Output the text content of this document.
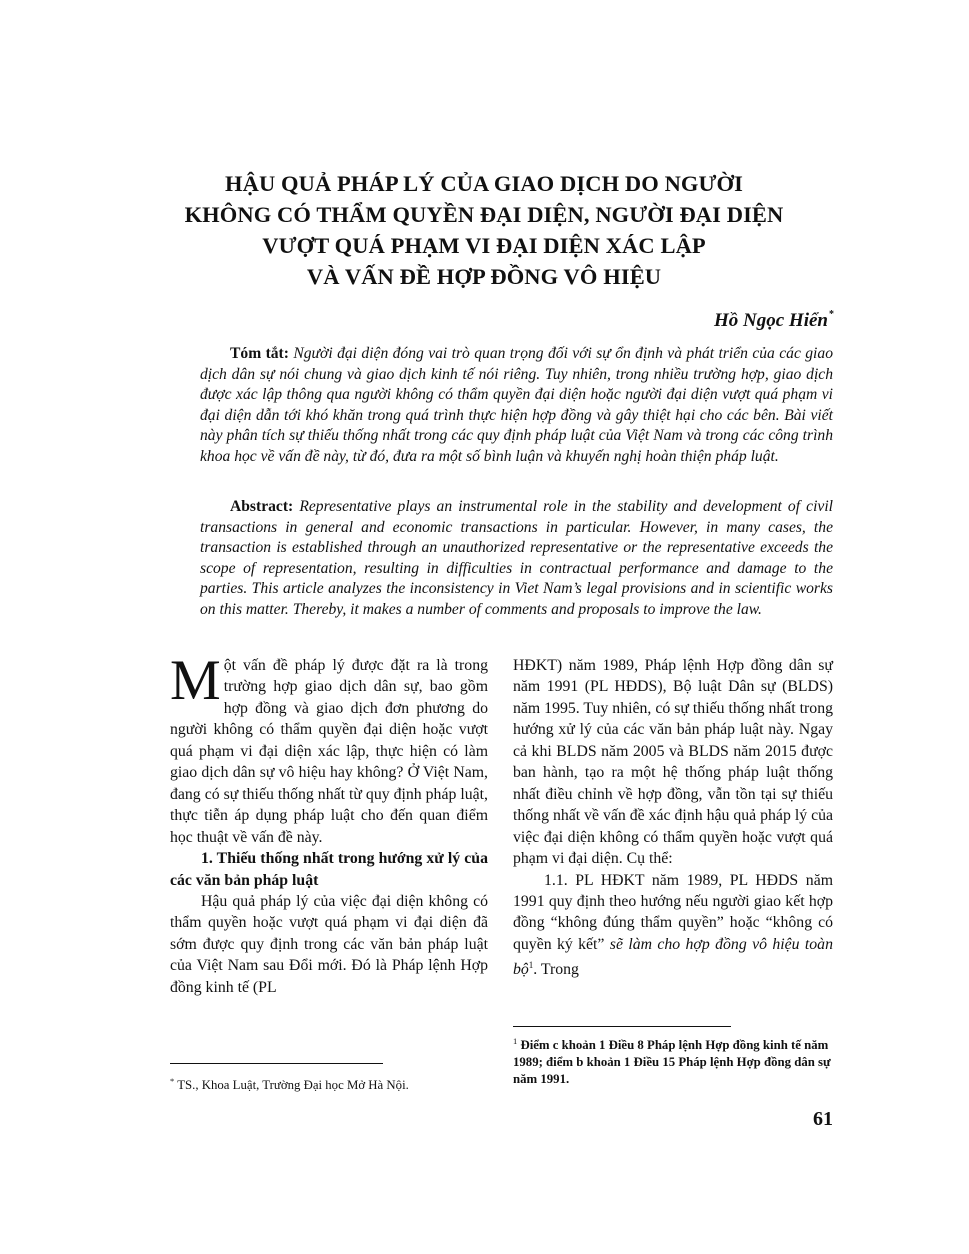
HẬU QUẢ PHÁP LÝ CỦA GIAO DỊCH DO NGƯỜI
KHÔNG CÓ THẨM QUYỀN ĐẠI DIỆN, NGƯỜI ĐẠI DIỆN
VƯỢT QUÁ PHẠM VI ĐẠI DIỆN XÁC LẬP
VÀ VẤN ĐỀ HỢP ĐỒNG VÔ HIỆU
Hồ Ngọc Hiển*
Tóm tắt: Người đại diện đóng vai trò quan trọng đối với sự ổn định và phát triển của các giao dịch dân sự nói chung và giao dịch kinh tế nói riêng. Tuy nhiên, trong nhiều trường hợp, giao dịch được xác lập thông qua người không có thẩm quyền đại diện hoặc người đại diện vượt quá phạm vi đại diện dẫn tới khó khăn trong quá trình thực hiện hợp đồng và gây thiệt hại cho các bên. Bài viết này phân tích sự thiếu thống nhất trong các quy định pháp luật của Việt Nam và trong các công trình khoa học về vấn đề này, từ đó, đưa ra một số bình luận và khuyến nghị hoàn thiện pháp luật.
Abstract: Representative plays an instrumental role in the stability and development of civil transactions in general and economic transactions in particular. However, in many cases, the transaction is established through an unauthorized representative or the representative exceeds the scope of representation, resulting in difficulties in contractual performance and damage to the parties. This article analyzes the inconsistency in Viet Nam’s legal provisions and in scientific works on this matter. Thereby, it makes a number of comments and proposals to improve the law.

Một vấn đề pháp lý được đặt ra là trong trường hợp giao dịch dân sự, bao gồm hợp đồng và giao dịch đơn phương do người không có thẩm quyền đại diện hoặc vượt quá phạm vi đại diện xác lập, thực hiện có làm giao dịch dân sự vô hiệu hay không? Ở Việt Nam, đang có sự thiếu thống nhất từ quy định pháp luật, thực tiễn áp dụng pháp luật cho đến quan điểm học thuật về vấn đề này.

1. Thiếu thống nhất trong hướng xử lý của các văn bản pháp luật

Hậu quả pháp lý của việc đại diện không có thẩm quyền hoặc vượt quá phạm vi đại diện đã sớm được quy định trong các văn bản pháp luật của Việt Nam sau Đổi mới. Đó là Pháp lệnh Hợp đồng kinh tế (PL

HĐKT) năm 1989, Pháp lệnh Hợp đồng dân sự năm 1991 (PL HĐDS), Bộ luật Dân sự (BLDS) năm 1995. Tuy nhiên, có sự thiếu thống nhất trong hướng xử lý của các văn bản pháp luật này. Ngay cả khi BLDS năm 2005 và BLDS năm 2015 được ban hành, tạo ra một hệ thống pháp luật thống nhất điều chỉnh về hợp đồng, vẫn tồn tại sự thiếu thống nhất về vấn đề xác định hậu quả pháp lý của việc đại diện không có thẩm quyền hoặc vượt quá phạm vi đại diện. Cụ thể:

1.1. PL HĐKT năm 1989, PL HĐDS năm 1991 quy định theo hướng nếu người giao kết hợp đồng “không đúng thẩm quyền” hoặc “không có quyền ký kết” sẽ làm cho hợp đồng vô hiệu toàn bộ$^1$. Trong

* TS., Khoa Luật, Trường Đại học Mở Hà Nội.
$^1$ Điểm c khoản 1 Điều 8 Pháp lệnh Hợp đồng kinh tế năm 1989; điểm b khoản 1 Điều 15 Pháp lệnh Hợp đồng dân sự năm 1991.
61
